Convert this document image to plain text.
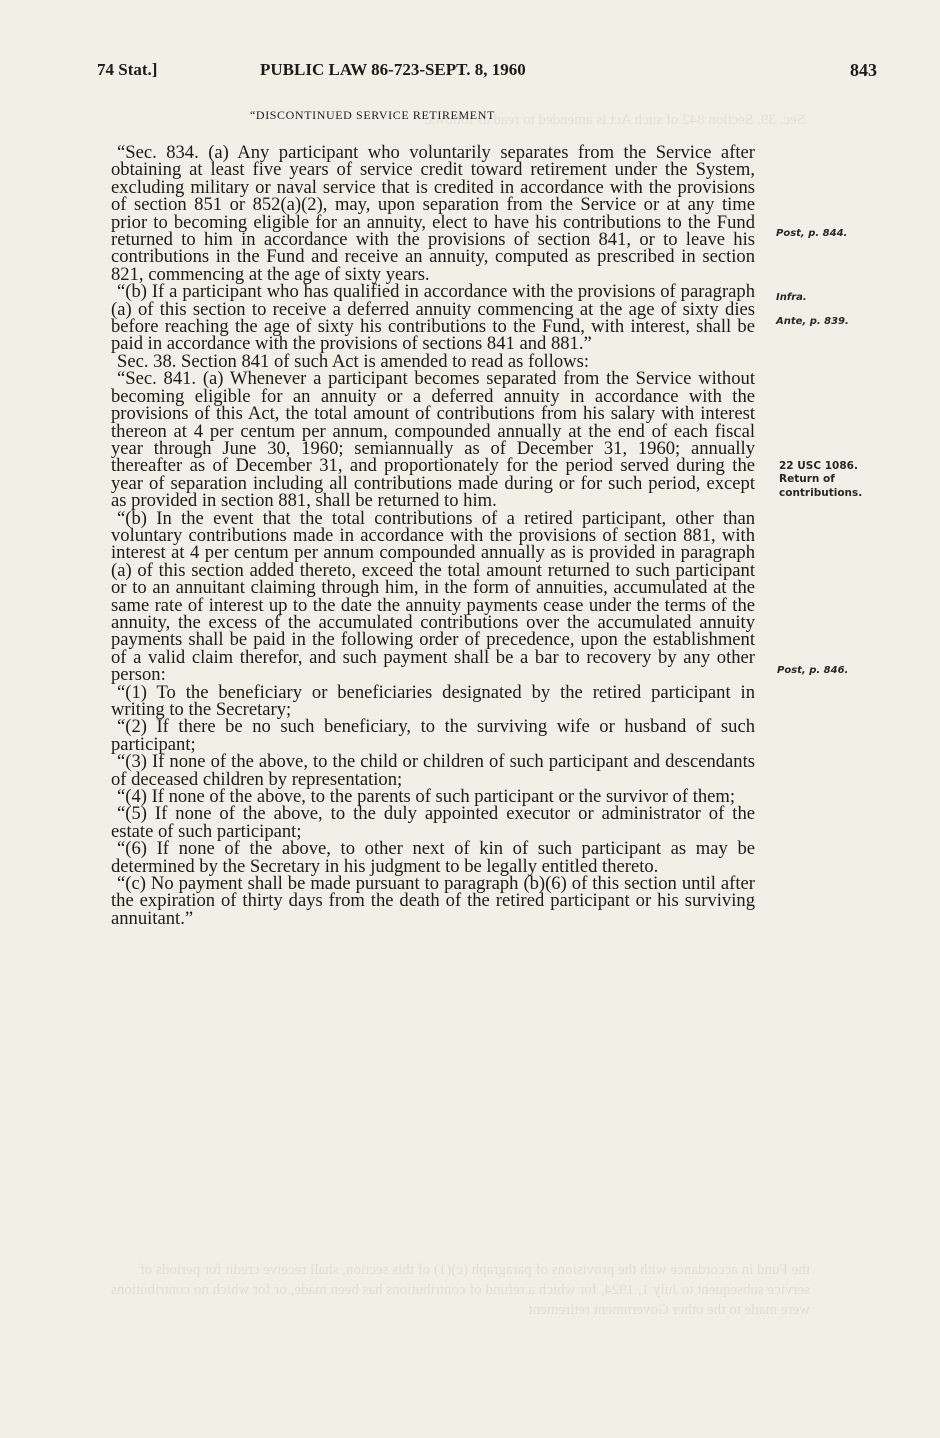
Sec. 39. Section 842 of such Act is amended to read as follows:
the Fund in accordance with the provisions of paragraph (c)(1) of this section, shall receive credit for periods of service subsequent to July 1, 1924, for which a refund of contributions has been made, or for which no contributions were made to the other Government retirement
74 Stat.]	PUBLIC LAW 86-723-SEPT. 8, 1960	843
“DISCONTINUED SERVICE RETIREMENT

“Sec. 834. (a) Any participant who voluntarily separates from the Service after obtaining at least five years of service credit toward retirement under the System, excluding military or naval service that is credited in accordance with the provisions of section 851 or 852(a)(2), may, upon separation from the Service or at any time prior to becoming eligible for an annuity, elect to have his contributions to the Fund returned to him in accordance with the provisions of section 841, or to leave his contributions in the Fund and receive an annuity, computed as prescribed in section 821, commencing at the age of sixty years.

“(b) If a participant who has qualified in accordance with the provisions of paragraph (a) of this section to receive a deferred annuity commencing at the age of sixty dies before reaching the age of sixty his contributions to the Fund, with interest, shall be paid in accordance with the provisions of sections 841 and 881.”

Sec. 38. Section 841 of such Act is amended to read as follows:

“Sec. 841. (a) Whenever a participant becomes separated from the Service without becoming eligible for an annuity or a deferred annuity in accordance with the provisions of this Act, the total amount of contributions from his salary with interest thereon at 4 per centum per annum, compounded annually at the end of each fiscal year through June 30, 1960; semiannually as of December 31, 1960; annually thereafter as of December 31, and proportionately for the period served during the year of separation including all contributions made during or for such period, except as provided in section 881, shall be returned to him.

“(b) In the event that the total contributions of a retired participant, other than voluntary contributions made in accordance with the provisions of section 881, with interest at 4 per centum per annum compounded annually as is provided in paragraph (a) of this section added thereto, exceed the total amount returned to such participant or to an annuitant claiming through him, in the form of annuities, accumulated at the same rate of interest up to the date the annuity payments cease under the terms of the annuity, the excess of the accumulated contributions over the accumulated annuity payments shall be paid in the following order of precedence, upon the establishment of a valid claim therefor, and such payment shall be a bar to recovery by any other person:

“(1) To the beneficiary or beneficiaries designated by the retired participant in writing to the Secretary;

“(2) If there be no such beneficiary, to the surviving wife or husband of such participant;

“(3) If none of the above, to the child or children of such participant and descendants of deceased children by representation;

“(4) If none of the above, to the parents of such participant or the survivor of them;

“(5) If none of the above, to the duly appointed executor or administrator of the estate of such participant;

“(6) If none of the above, to other next of kin of such participant as may be determined by the Secretary in his judgment to be legally entitled thereto.

“(c) No payment shall be made pursuant to paragraph (b)(6) of this section until after the expiration of thirty days from the death of the retired participant or his surviving annuitant.”

Post, p. 844.
Infra.
Ante, p. 839.
22 USC 1086.
Return of contributions.
Post, p. 846.
